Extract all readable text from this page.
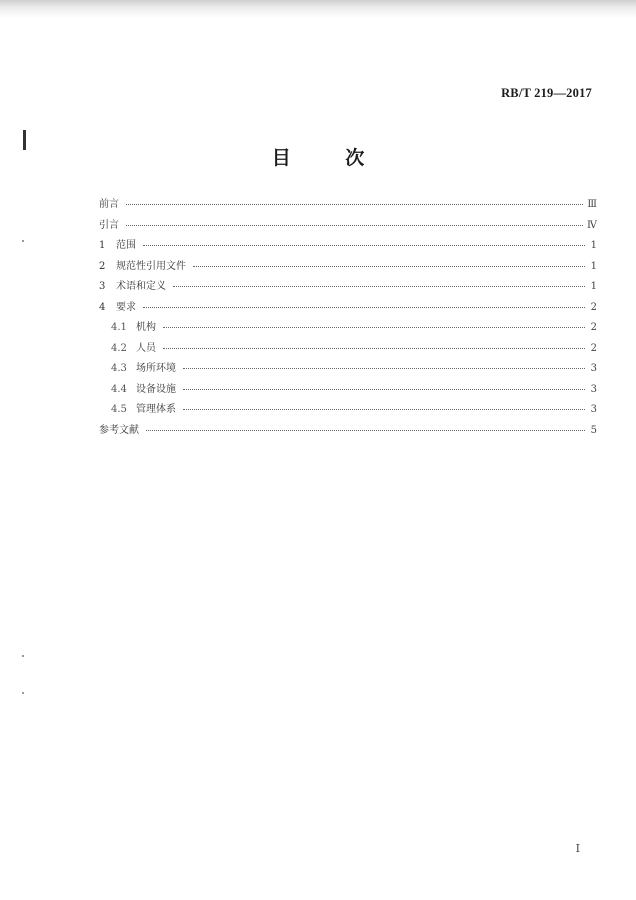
RB/T 219—2017
目 次
前言	Ⅲ
引言	Ⅳ
1	范围	1
2	规范性引用文件	1
3	术语和定义	1
4	要求	2
4.1 机构	2
4.2 人员	2
4.3 场所环境	3
4.4 设备设施	3
4.5 管理体系	3
参考文献	5
I
